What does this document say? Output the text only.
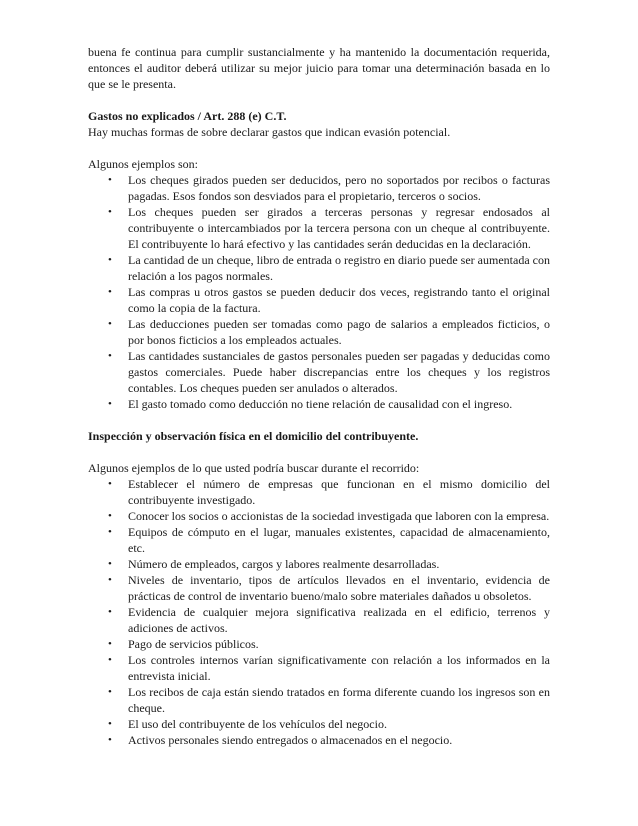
buena fe continua para cumplir sustancialmente y ha mantenido la documentación requerida, entonces el auditor deberá utilizar su mejor juicio para tomar una determinación basada en lo que se le presenta.

Gastos no explicados / Art. 288 (e) C.T.

Hay muchas formas de sobre declarar gastos que indican evasión potencial.

Algunos ejemplos son:

• Los cheques girados pueden ser deducidos, pero no soportados por recibos o facturas pagadas. Esos fondos son desviados para el propietario, terceros o socios.
• Los cheques pueden ser girados a terceras personas y regresar endosados al contribuyente o intercambiados por la tercera persona con un cheque al contribuyente. El contribuyente lo hará efectivo y las cantidades serán deducidas en la declaración.
• La cantidad de un cheque, libro de entrada o registro en diario puede ser aumentada con relación a los pagos normales.
• Las compras u otros gastos se pueden deducir dos veces, registrando tanto el original como la copia de la factura.
• Las deducciones pueden ser tomadas como pago de salarios a empleados ficticios, o por bonos ficticios a los empleados actuales.
• Las cantidades sustanciales de gastos personales pueden ser pagadas y deducidas como gastos comerciales. Puede haber discrepancias entre los cheques y los registros contables. Los cheques pueden ser anulados o alterados.
• El gasto tomado como deducción no tiene relación de causalidad con el ingreso.

Inspección y observación física en el domicilio del contribuyente.

Algunos ejemplos de lo que usted podría buscar durante el recorrido:

• Establecer el número de empresas que funcionan en el mismo domicilio del contribuyente investigado.
• Conocer los socios o accionistas de la sociedad investigada que laboren con la empresa.
• Equipos de cómputo en el lugar, manuales existentes, capacidad de almacenamiento, etc.
• Número de empleados, cargos y labores realmente desarrolladas.
• Niveles de inventario, tipos de artículos llevados en el inventario, evidencia de prácticas de control de inventario bueno/malo sobre materiales dañados u obsoletos.
• Evidencia de cualquier mejora significativa realizada en el edificio, terrenos y adiciones de activos.
• Pago de servicios públicos.
• Los controles internos varían significativamente con relación a los informados en la entrevista inicial.
• Los recibos de caja están siendo tratados en forma diferente cuando los ingresos son en cheque.
• El uso del contribuyente de los vehículos del negocio.
• Activos personales siendo entregados o almacenados en el negocio.
